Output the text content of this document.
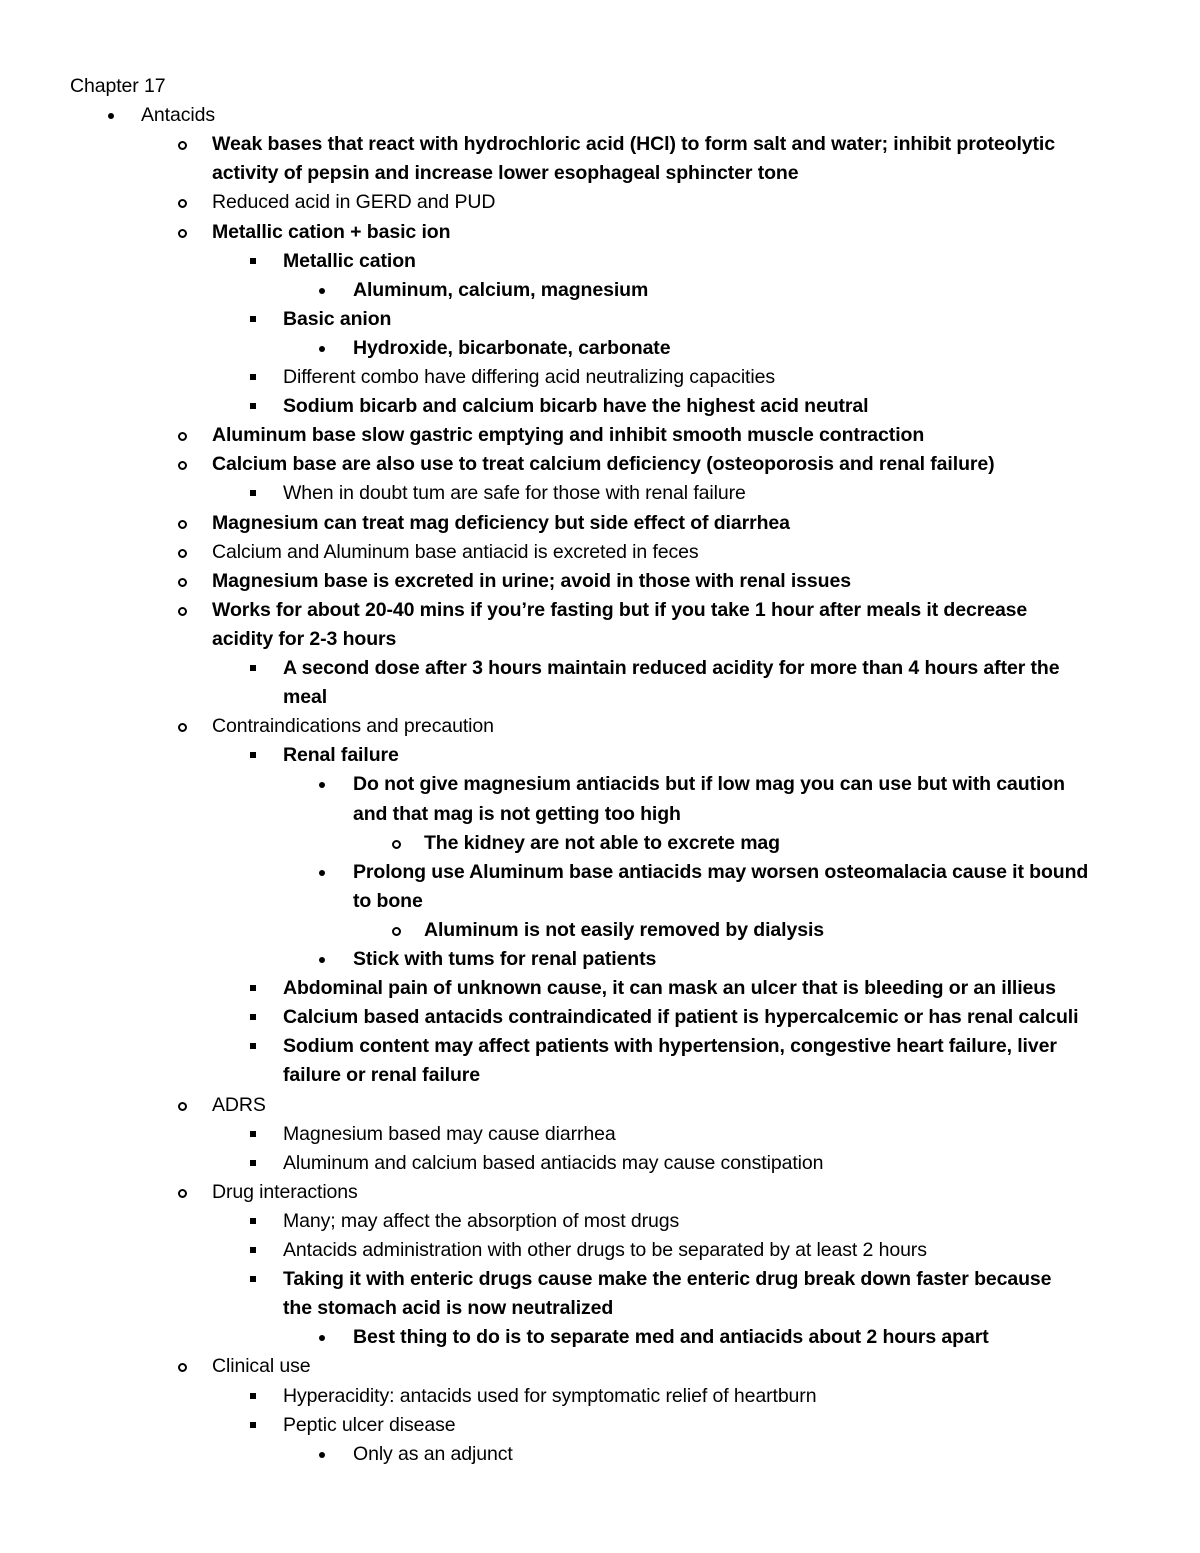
Chapter 17
Antacids
Weak bases that react with hydrochloric acid (HCl) to form salt and water; inhibit proteolytic
activity of pepsin and increase lower esophageal sphincter tone
Reduced acid in GERD and PUD
Metallic cation + basic ion
Metallic cation
Aluminum, calcium, magnesium
Basic anion
Hydroxide, bicarbonate, carbonate
Different combo have differing acid neutralizing capacities
Sodium bicarb and calcium bicarb have the highest acid neutral
Aluminum base slow gastric emptying and inhibit smooth muscle contraction
Calcium base are also use to treat calcium deficiency (osteoporosis and renal failure)
When in doubt tum are safe for those with renal failure
Magnesium can treat mag deficiency but side effect of diarrhea
Calcium and Aluminum base antiacid is excreted in feces
Magnesium base is excreted in urine; avoid in those with renal issues
Works for about 20-40 mins if you’re fasting but if you take 1 hour after meals it decrease
acidity for 2-3 hours
A second dose after 3 hours maintain reduced acidity for more than 4 hours after the
meal
Contraindications and precaution
Renal failure
Do not give magnesium antiacids but if low mag you can use but with caution
and that mag is not getting too high
The kidney are not able to excrete mag
Prolong use Aluminum base antiacids may worsen osteomalacia cause it bound
to bone
Aluminum is not easily removed by dialysis
Stick with tums for renal patients
Abdominal pain of unknown cause, it can mask an ulcer that is bleeding or an illieus
Calcium based antacids contraindicated if patient is hypercalcemic or has renal calculi
Sodium content may affect patients with hypertension, congestive heart failure, liver
failure or renal failure
ADRS
Magnesium based may cause diarrhea
Aluminum and calcium based antiacids may cause constipation
Drug interactions
Many; may affect the absorption of most drugs
Antacids administration with other drugs to be separated by at least 2 hours
Taking it with enteric drugs cause make the enteric drug break down faster because
the stomach acid is now neutralized
Best thing to do is to separate med and antiacids about 2 hours apart
Clinical use
Hyperacidity: antacids used for symptomatic relief of heartburn
Peptic ulcer disease
Only as an adjunct
